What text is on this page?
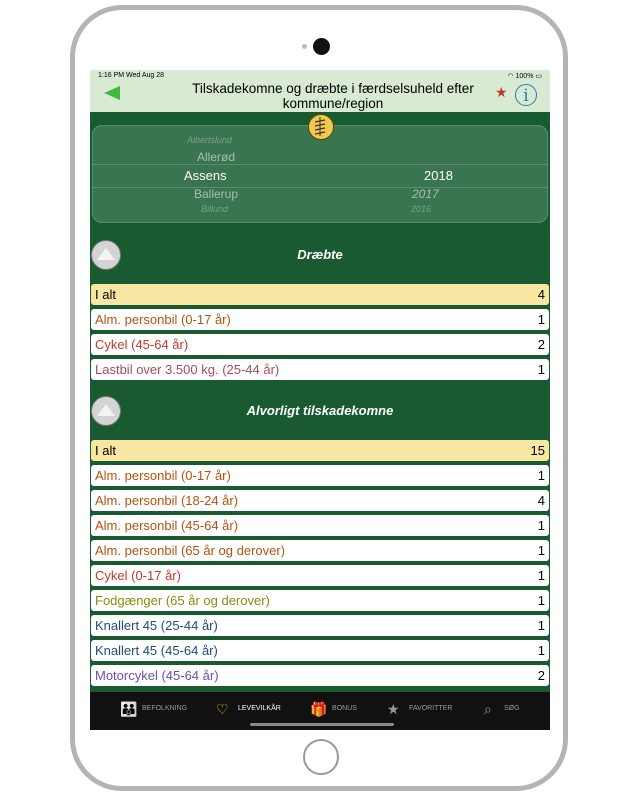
1:16 PM Wed Aug 28	◠ 100% ▭
Tilskadekomne og dræbte i færdselsuheld efter kommune/region
★ i
Albertslund
Allerød
Assens
Ballerup
Billund
2018
2017
2016
Dræbte
I alt	4
Alm. personbil (0-17 år)	1
Cykel (45-64 år)	2
Lastbil over 3.500 kg. (25-44 år)	1
Alvorligt tilskadekomne
I alt	15
Alm. personbil (0-17 år)	1
Alm. personbil (18-24 år)	4
Alm. personbil (45-64 år)	1
Alm. personbil (65 år og derover)	1
Cykel (0-17 år)	1
Fodgænger (65 år og derover)	1
Knallert 45 (25-44 år)	1
Knallert 45 (45-64 år)	1
Motorcykel (45-64 år)	2
👪 BEFOLKNING ♡ LEVEVILKÅR 🎁 BONUS ★ FAVORITTER ⌕ SØG
